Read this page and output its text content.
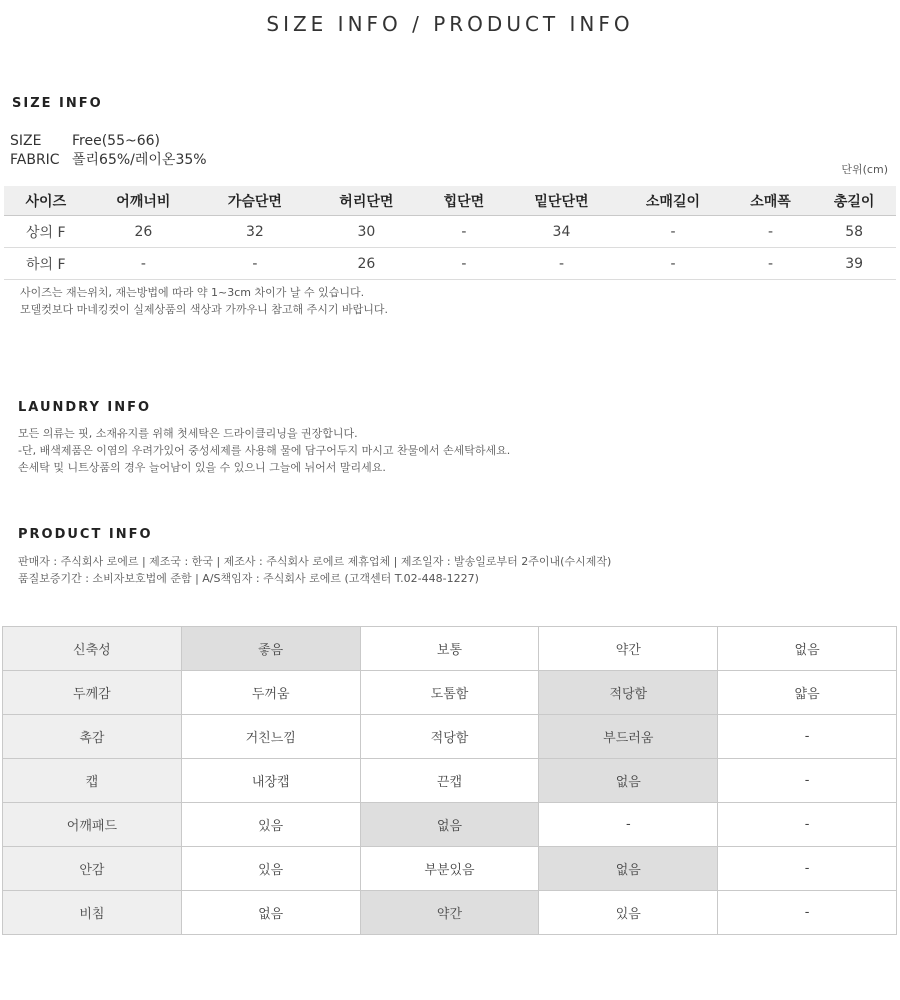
SIZE INFO / PRODUCT INFO
SIZE INFO
SIZE Free(55~66)
FABRIC 폴리65%/레이온35%
단위(cm)
사이즈	어깨너비	가슴단면	허리단면	힙단면	밑단단면	소매길이	소매폭	총길이
상의 F	26	32	30	-	34	-	-	58
하의 F	-	-	26	-	-	-	-	39
사이즈는 재는위치, 재는방법에 따라 약 1~3cm 차이가 날 수 있습니다.
모델컷보다 마네킹컷이 실제상품의 색상과 가까우니 참고해 주시기 바랍니다.
LAUNDRY INFO
모든 의류는 핏, 소재유지를 위해 첫세탁은 드라이클리닝을 권장합니다.
-단, 배색제품은 이염의 우려가있어 중성세제를 사용해 물에 담구어두지 마시고 찬물에서 손세탁하세요.
손세탁 및 니트상품의 경우 늘어남이 있을 수 있으니 그늘에 뉘어서 말리세요.
PRODUCT INFO
판매자 : 주식회사 로에르 | 제조국 : 한국 | 제조사 : 주식회사 로에르 제휴업체 | 제조일자 : 발송일로부터 2주이내(수시제작)
품질보증기간 : 소비자보호법에 준함 | A/S책임자 : 주식회사 로에르 (고객센터 T.02-448-1227)
신축성	좋음	보통	약간	없음
두께감	두꺼움	도톰함	적당함	얇음
촉감	거친느낌	적당함	부드러움	-
캡	내장캡	끈캡	없음	-
어깨패드	있음	없음	-	-
안감	있음	부분있음	없음	-
비침	없음	약간	있음	-
